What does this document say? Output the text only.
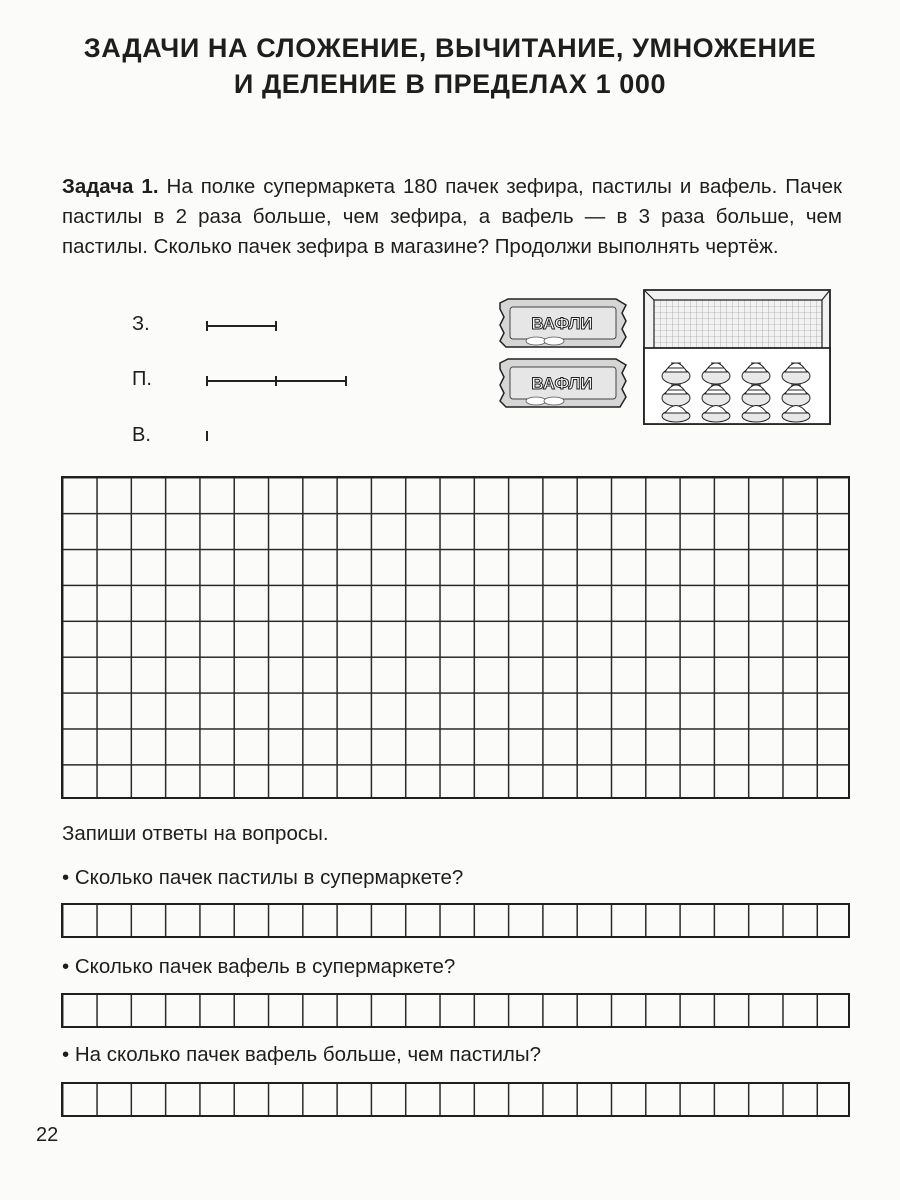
ЗАДАЧИ НА СЛОЖЕНИЕ, ВЫЧИТАНИЕ, УМНОЖЕНИЕ
И ДЕЛЕНИЕ В ПРЕДЕЛАХ 1 000

Задача 1. На полке супермаркета 180 пачек зефира, пастилы и вафель. Пачек пастилы в 2 раза больше, чем зефира, а вафель — в 3 раза больше, чем пастилы. Сколько пачек зефира в магазине? Продолжи выполнять чертёж.

З.
П.
В.
ВАФЛИ
ВАФЛИ
Запиши ответы на вопросы.
• Сколько пачек пастилы в супермаркете?
• Сколько пачек вафель в супермаркете?
• На сколько пачек вафель больше, чем пастилы?
22
